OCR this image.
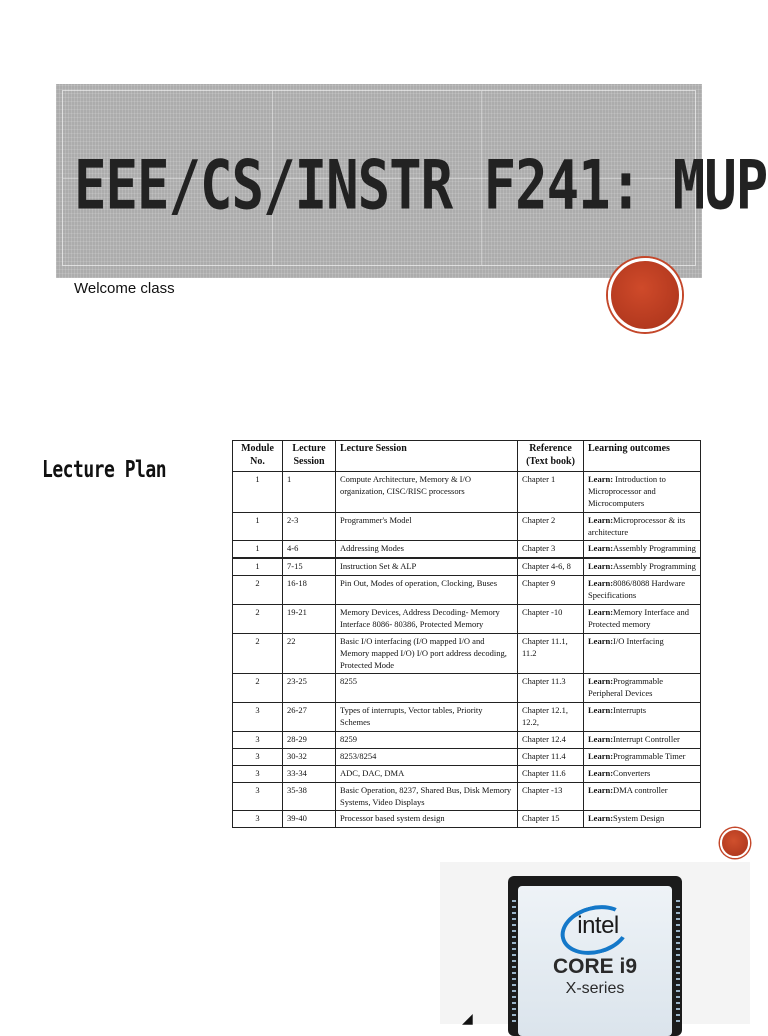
EEE/CS/INSTR F241: MUP
Welcome class
Lecture Plan
Module No.	Lecture Session	Lecture Session	Reference (Text book)	Learning outcomes
1	1	Compute Architecture, Memory & I/O organization, CISC/RISC processors	Chapter 1	Learn: Introduction to Microprocessor and Microcomputers
1	2-3	Programmer's Model	Chapter 2	Learn:Microprocessor & its architecture
1	4-6	Addressing Modes	Chapter 3	Learn:Assembly Programming
1	7-15	Instruction Set & ALP	Chapter 4-6, 8	Learn:Assembly Programming
2	16-18	Pin Out, Modes of operation, Clocking, Buses	Chapter 9	Learn:8086/8088 Hardware Specifications
2	19-21	Memory Devices, Address Decoding- Memory Interface 8086- 80386, Protected Memory	Chapter -10	Learn:Memory Interface and Protected memory
2	22	Basic I/O interfacing (I/O mapped I/O and Memory mapped I/O) I/O port address decoding, Protected Mode	Chapter 11.1, 11.2	Learn:I/O Interfacing
2	23-25	8255	Chapter 11.3	Learn:Programmable Peripheral Devices
3	26-27	Types of interrupts, Vector tables, Priority Schemes	Chapter 12.1, 12.2,	Learn:Interrupts
3	28-29	8259	Chapter 12.4	Learn:Interrupt Controller
3	30-32	8253/8254	Chapter 11.4	Learn:Programmable Timer
3	33-34	ADC, DAC, DMA	Chapter 11.6	Learn:Converters
3	35-38	Basic Operation, 8237, Shared Bus, Disk Memory Systems, Video Displays	Chapter -13	Learn:DMA controller
3	39-40	Processor based system design	Chapter 15	Learn:System Design
intel
CORE i9
X-series
◢
